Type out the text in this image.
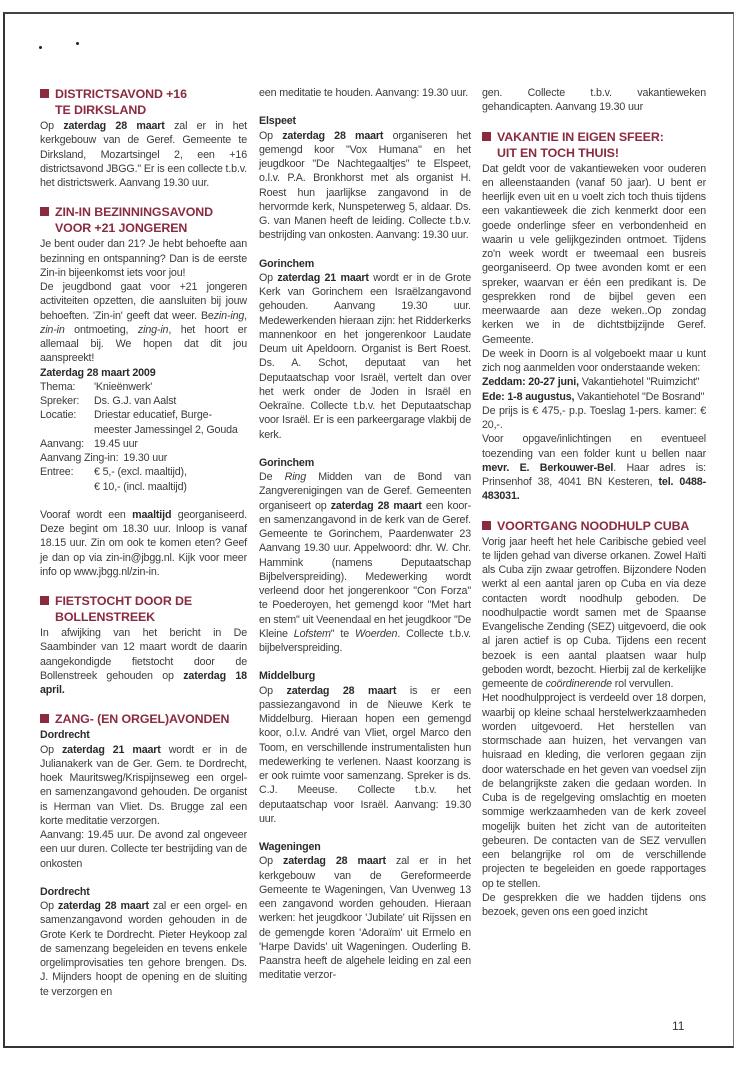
DISTRICTSAVOND +16
TE DIRKSLAND

Op zaterdag 28 maart zal er in het kerkgebouw van de Geref. Gemeente te Dirksland, Mozartsingel 2, een +16 districtsavond JBGG." Er is een collecte t.b.v. het districtswerk. Aanvang 19.30 uur.

ZIN-IN BEZINNINGSAVOND
VOOR +21 JONGEREN

Je bent ouder dan 21? Je hebt behoefte aan bezinning en ontspanning? Dan is de eerste Zin-in bijeenkomst iets voor jou!

De jeugdbond gaat voor +21 jongeren activiteiten opzetten, die aansluiten bij jouw behoeften. 'Zin-in' geeft dat weer. Bezin-ing, zin-in ontmoeting, zing-in, het hoort er allemaal bij. We hopen dat dit jou aanspreekt!

Zaterdag 28 maart 2009

Thema:	'Knieënwerk'
Spreker:	Ds. G.J. van Aalst
Locatie:	Driestar educatief, Burge-
meester Jamessingel 2, Gouda
Aanvang: 19.45 uur
Aanvang Zing-in: 19.30 uur
Entree:	€ 5,- (excl. maaltijd),
€ 10,- (incl. maaltijd)

Vooraf wordt een maaltijd georganiseerd. Deze begint om 18.30 uur. Inloop is vanaf 18.15 uur. Zin om ook te komen eten? Geef je dan op via zin-in@jbgg.nl. Kijk voor meer info op www.jbgg.nl/zin-in.

FIETSTOCHT DOOR DE
BOLLENSTREEK

In afwijking van het bericht in De Saambinder van 12 maart wordt de daarin aangekondigde fietstocht door de Bollenstreek gehouden op zaterdag 18 april.

ZANG- (EN ORGEL)AVONDEN
Dordrecht

Op zaterdag 21 maart wordt er in de Julianakerk van de Ger. Gem. te Dordrecht, hoek Mauritsweg/Krispijnseweg een orgel- en samenzangavond gehouden. De organist is Herman van Vliet. Ds. Brugge zal een korte meditatie verzorgen.

Aanvang: 19.45 uur. De avond zal ongeveer een uur duren. Collecte ter bestrijding van de onkosten

Dordrecht

Op zaterdag 28 maart zal er een orgel- en samenzangavond worden gehouden in de Grote Kerk te Dordrecht. Pieter Heykoop zal de samenzang begeleiden en tevens enkele orgelimprovisaties ten gehore brengen. Ds. J. Mijnders hoopt de opening en de sluiting te verzorgen en

een meditatie te houden. Aanvang: 19.30 uur.

Elspeet

Op zaterdag 28 maart organiseren het gemengd koor "Vox Humana" en het jeugdkoor "De Nachtegaaltjes" te Elspeet, o.l.v. P.A. Bronkhorst met als organist H. Roest hun jaarlijkse zangavond in de hervormde kerk, Nunspeterweg 5, aldaar. Ds. G. van Manen heeft de leiding. Collecte t.b.v. bestrijding van onkosten. Aanvang: 19.30 uur.

Gorinchem

Op zaterdag 21 maart wordt er in de Grote Kerk van Gorinchem een Israëlzangavond gehouden. Aanvang 19.30 uur. Medewerkenden hieraan zijn: het Ridderkerks mannenkoor en het jongerenkoor Laudate Deum uit Apeldoorn. Organist is Bert Roest. Ds. A. Schot, deputaat van het Deputaatschap voor Israël, vertelt dan over het werk onder de Joden in Israël en Oekraïne. Collecte t.b.v. het Deputaatschap voor Israël. Er is een parkeergarage vlakbij de kerk.

Gorinchem

De Ring Midden van de Bond van Zangverenigingen van de Geref. Gemeenten organiseert op zaterdag 28 maart een koor- en samenzangavond in de kerk van de Geref. Gemeente te Gorinchem, Paardenwater 23 Aanvang 19.30 uur. Appelwoord: dhr. W. Chr. Hammink (namens Deputaatschap Bijbelverspreiding). Medewerking wordt verleend door het jongerenkoor "Con Forza" te Poederoyen, het gemengd koor "Met hart en stem" uit Veenendaal en het jeugdkoor "De Kleine Lofstem" te Woerden. Collecte t.b.v. bijbelverspreiding.

Middelburg

Op zaterdag 28 maart is er een passiezangavond in de Nieuwe Kerk te Middelburg. Hieraan hopen een gemengd koor, o.l.v. André van Vliet, orgel Marco den Toom, en verschillende instrumentalisten hun medewerking te verlenen. Naast koorzang is er ook ruimte voor samenzang. Spreker is ds. C.J. Meeuse. Collecte t.b.v. het deputaatschap voor Israël. Aanvang: 19.30 uur.

Wageningen

Op zaterdag 28 maart zal er in het kerkgebouw van de Gereformeerde Gemeente te Wageningen, Van Uvenweg 13 een zangavond worden gehouden. Hieraan werken: het jeugdkoor 'Jubilate' uit Rijssen en de gemengde koren 'Adoraïm' uit Ermelo en 'Harpe Davids' uit Wageningen. Ouderling B. Paanstra heeft de algehele leiding en zal een meditatie verzor-

gen. Collecte t.b.v. vakantieweken gehandicapten. Aanvang 19.30 uur

VAKANTIE IN EIGEN SFEER:
UIT EN TOCH THUIS!

Dat geldt voor de vakantieweken voor ouderen en alleenstaanden (vanaf 50 jaar). U bent er heerlijk even uit en u voelt zich toch thuis tijdens een vakantieweek die zich kenmerkt door een goede onderlinge sfeer en verbondenheid en waarin u vele gelijkgezinden ontmoet. Tijdens zo'n week wordt er tweemaal een busreis georganiseerd. Op twee avonden komt er een spreker, waarvan er één een predikant is. De gesprekken rond de bijbel geven een meerwaarde aan deze weken..Op zondag kerken we in de dichtstbijzijnde Geref. Gemeente.

De week in Doorn is al volgeboekt maar u kunt zich nog aanmelden voor onderstaande weken:

Zeddam: 20-27 juni, Vakantiehotel "Ruimzicht"

Ede: 1-8 augustus, Vakantiehotel "De Bosrand"

De prijs is € 475,- p.p. Toeslag 1-pers. kamer: € 20,-.

Voor opgave/inlichtingen en eventueel toezending van een folder kunt u bellen naar mevr. E. Berkouwer-Bel. Haar adres is: Prinsenhof 38, 4041 BN Kesteren, tel. 0488-483031.

VOORTGANG NOODHULP CUBA

Vorig jaar heeft het hele Caribische gebied veel te lijden gehad van diverse orkanen. Zowel Haïti als Cuba zijn zwaar getroffen. Bijzondere Noden werkt al een aantal jaren op Cuba en via deze contacten wordt noodhulp geboden. De noodhulpactie wordt samen met de Spaanse Evangelische Zending (SEZ) uitgevoerd, die ook al jaren actief is op Cuba. Tijdens een recent bezoek is een aantal plaatsen waar hulp geboden wordt, bezocht. Hierbij zal de kerkelijke gemeente de coördinerende rol vervullen.

Het noodhulpproject is verdeeld over 18 dorpen, waarbij op kleine schaal herstelwerkzaamheden worden uitgevoerd. Het herstellen van stormschade aan huizen, het vervangen van huisraad en kleding, die verloren gegaan zijn door waterschade en het geven van voedsel zijn de belangrijkste zaken die gedaan worden. In Cuba is de regelgeving omslachtig en moeten sommige werkzaamheden van de kerk zoveel mogelijk buiten het zicht van de autoriteiten gebeuren. De contacten van de SEZ vervullen een belangrijke rol om de verschillende projecten te begeleiden en goede rapportages op te stellen.

De gesprekken die we hadden tijdens ons bezoek, geven ons een goed inzicht

11
